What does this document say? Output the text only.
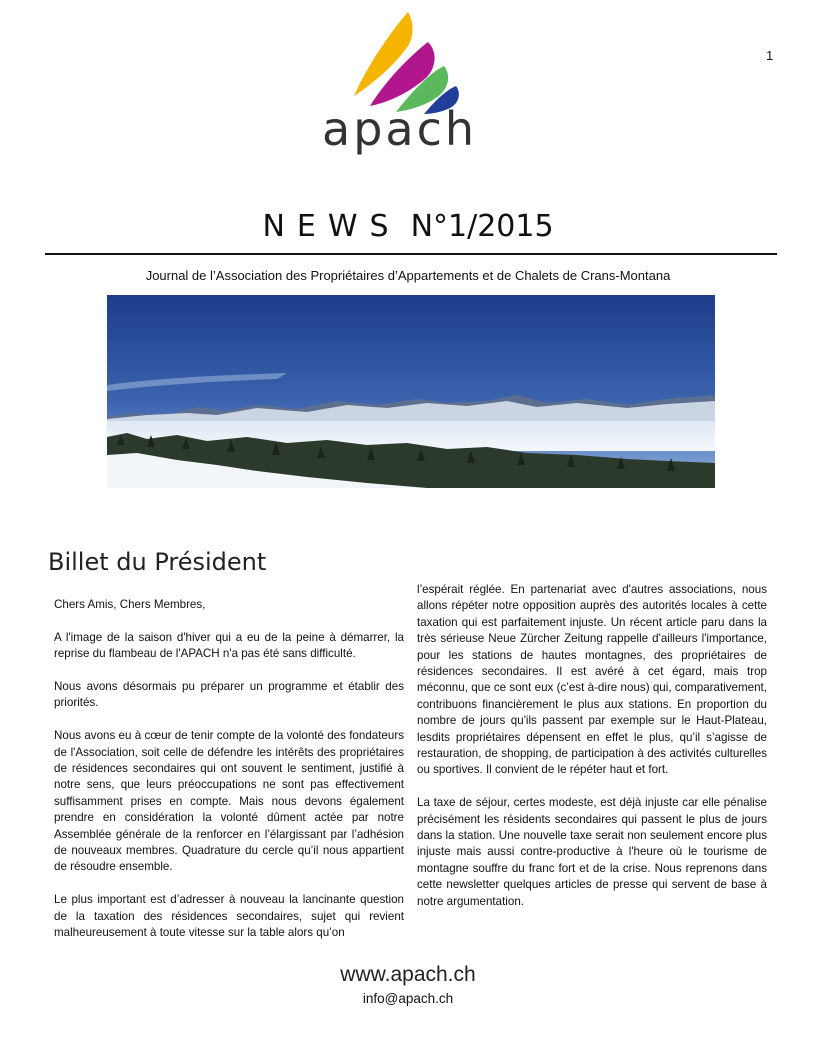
1
apach
NEWS N°1/2015
Journal de l’Association des Propriétaires d’Appartements et de Chalets de Crans-Montana
Billet du Président

Chers Amis, Chers Membres,

A l'image de la saison d'hiver qui a eu de la peine à démarrer, la reprise du flambeau de l'APACH n'a pas été sans difficulté.

Nous avons désormais pu préparer un programme et établir des priorités.

Nous avons eu à cœur de tenir compte de la volonté des fondateurs de l'Association, soit celle de défendre les intérêts des propriétaires de résidences secondaires qui ont souvent le sentiment, justifié à notre sens, que leurs préoccupations ne sont pas effectivement suffisamment prises en compte. Mais nous devons également prendre en considération la volonté dûment actée par notre Assemblée générale de la renforcer en l’élargissant par l’adhésion de nouveaux membres. Quadrature du cercle qu’il nous appartient de résoudre ensemble.

Le plus important est d’adresser à nouveau la lancinante question de la taxation des résidences secondaires, sujet qui revient malheureusement à toute vitesse sur la table alors qu’on

l’espérait réglée. En partenariat avec d'autres associations, nous allons répéter notre opposition auprès des autorités locales à cette taxation qui est parfaitement injuste. Un récent article paru dans la très sérieuse Neue Zürcher Zeitung rappelle d'ailleurs l'importance, pour les stations de hautes montagnes, des propriétaires de résidences secondaires. Il est avéré à cet égard, mais trop méconnu, que ce sont eux (c’est à-dire nous) qui, comparativement, contribuons financièrement le plus aux stations. En proportion du nombre de jours qu'ils passent par exemple sur le Haut-Plateau, lesdits propriétaires dépensent en effet le plus, qu’il s’agisse de restauration, de shopping, de participation à des activités culturelles ou sportives. Il convient de le répéter haut et fort.

La taxe de séjour, certes modeste, est déjà injuste car elle pénalise précisément les résidents secondaires qui passent le plus de jours dans la station. Une nouvelle taxe serait non seulement encore plus injuste mais aussi contre-productive à l'heure où le tourisme de montagne souffre du franc fort et de la crise. Nous reprenons dans cette newsletter quelques articles de presse qui servent de base à notre argumentation.

www.apach.ch
info@apach.ch
